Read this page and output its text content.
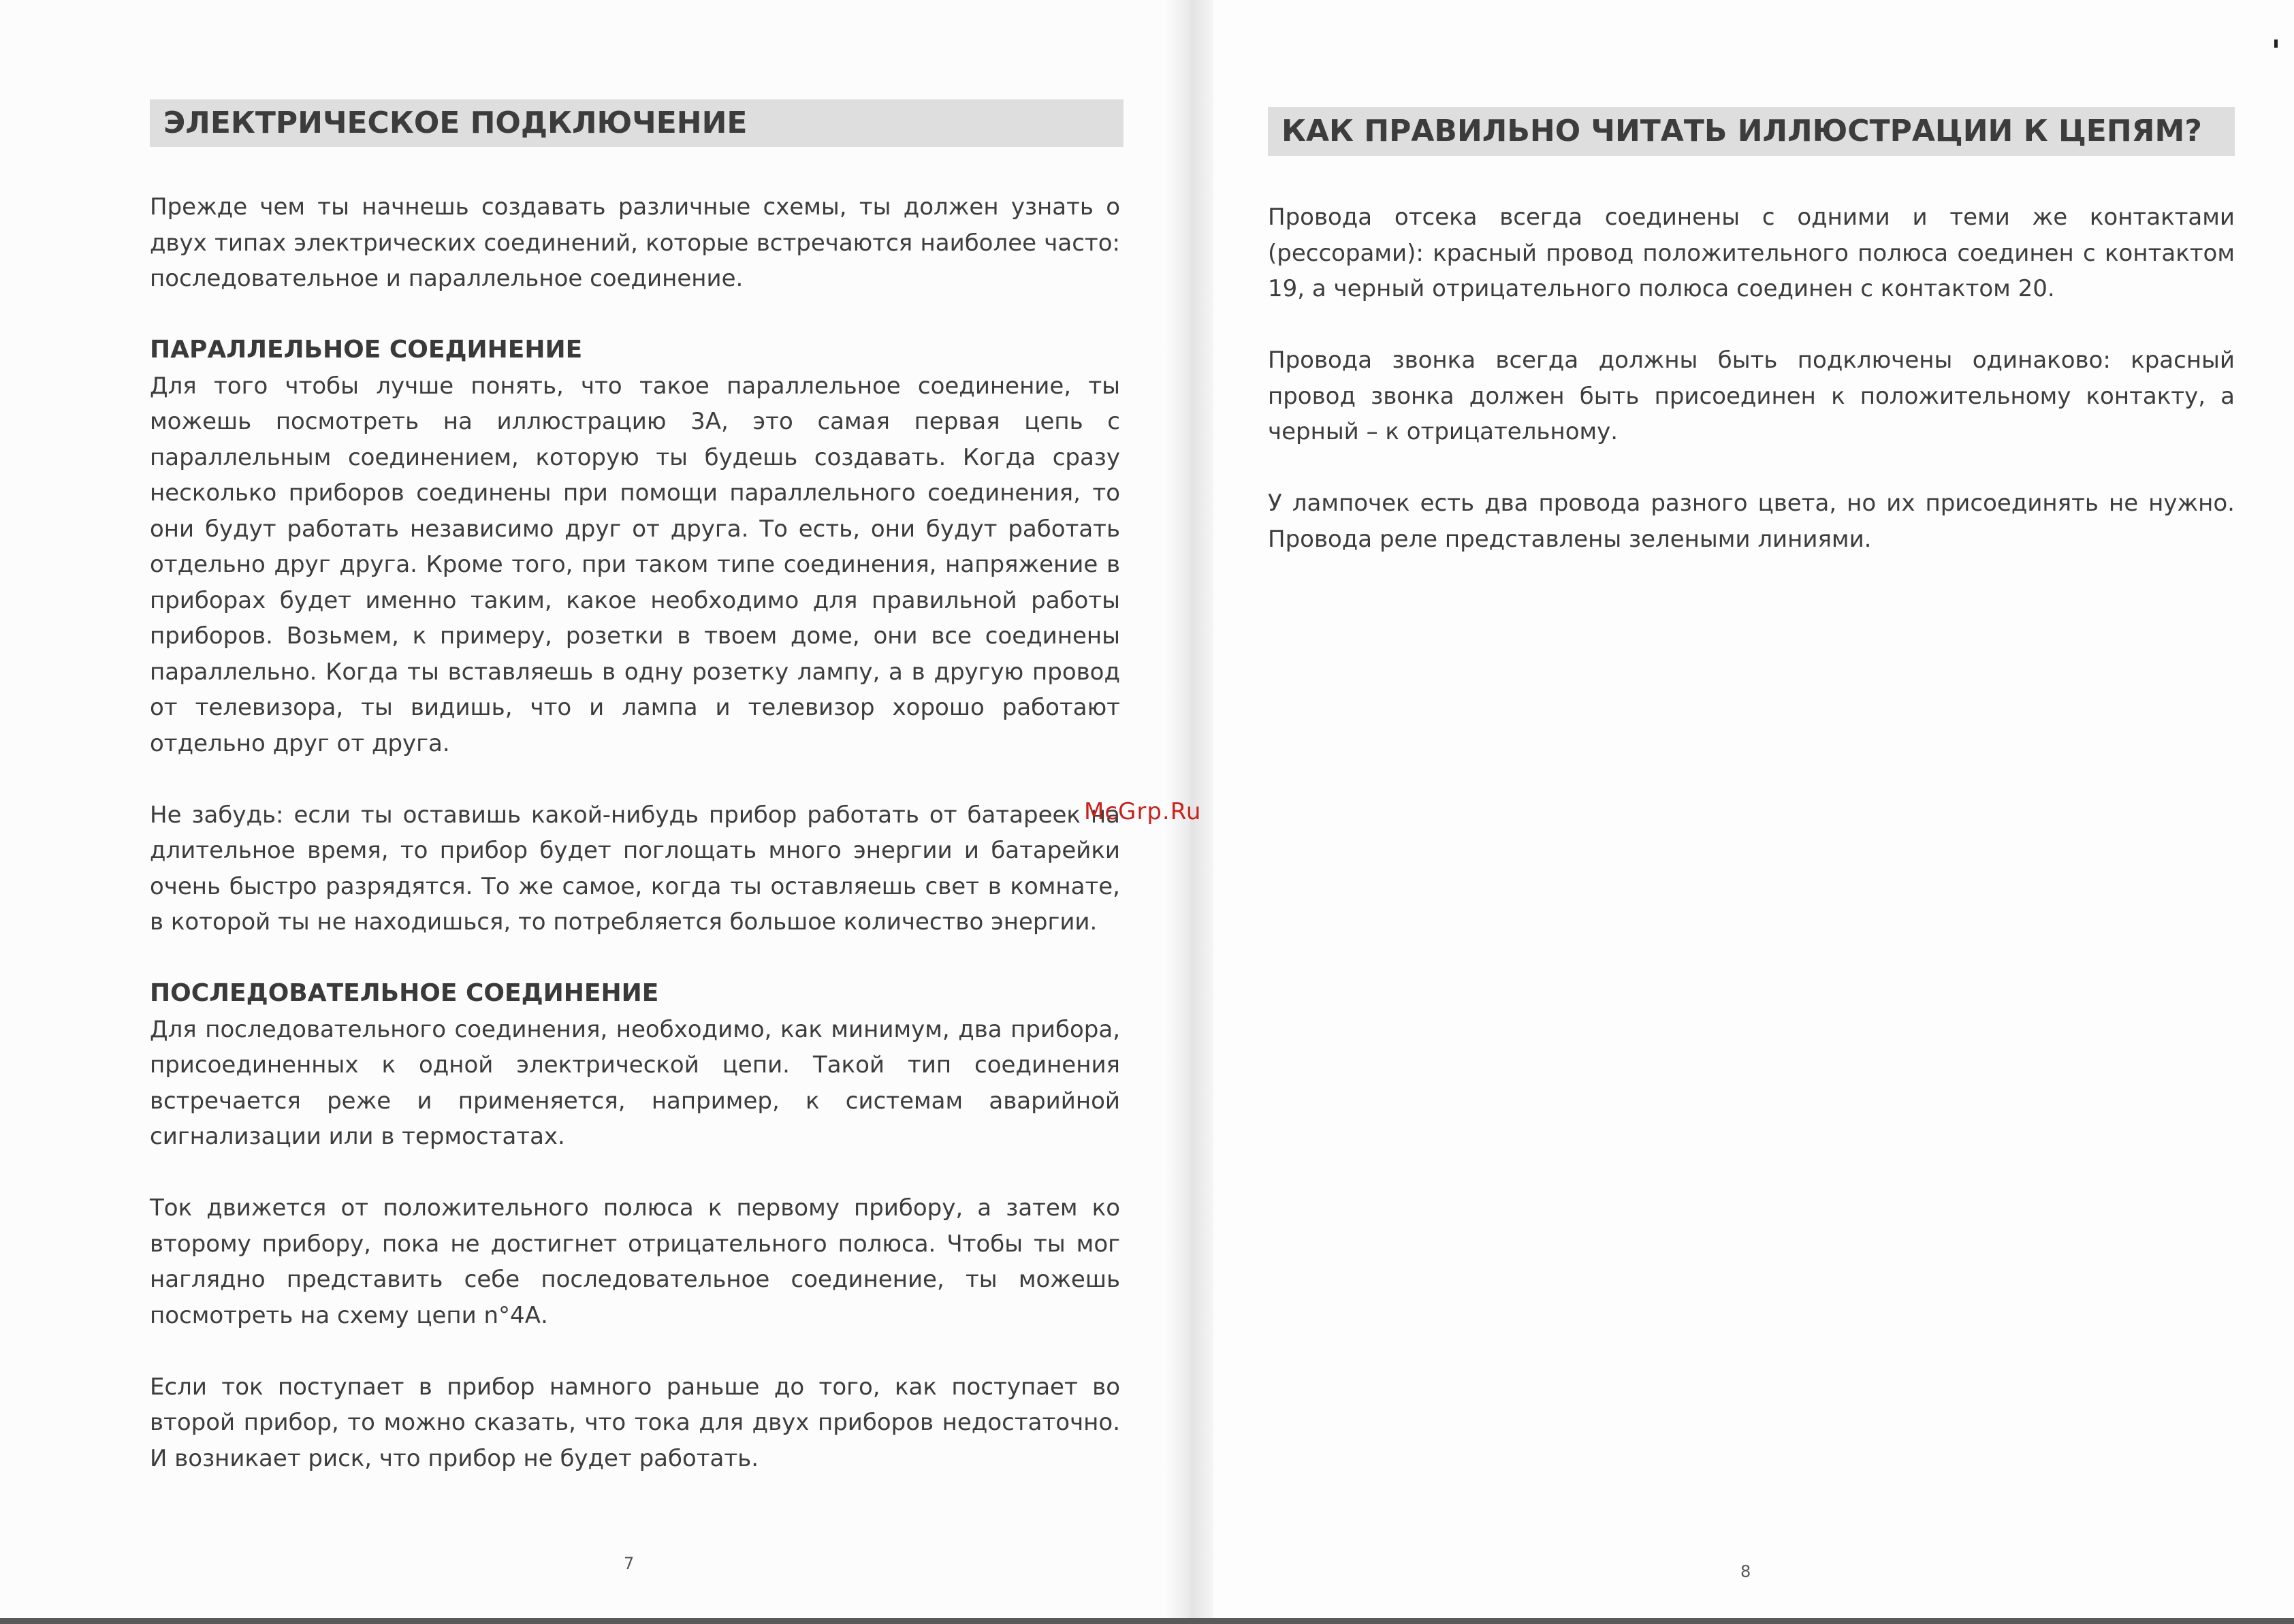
ЭЛЕКТРИЧЕСКОЕ ПОДКЛЮЧЕНИЕ

Прежде чем ты начнешь создавать различные схемы, ты должен узнать о двух типах электрических соединений, которые встречаются наиболее часто: последовательное и параллельное соединение.

ПАРАЛЛЕЛЬНОЕ СОЕДИНЕНИЕ

Для того чтобы лучше понять, что такое параллельное соединение, ты можешь посмотреть на иллюстрацию 3А, это самая первая цепь с параллельным соединением, которую ты будешь создавать. Когда сразу несколько приборов соединены при помощи параллельного соединения, то они будут работать независимо друг от друга. То есть, они будут работать отдельно друг друга. Кроме того, при таком типе соединения, напряжение в приборах будет именно таким, какое необходимо для правильной работы приборов. Возьмем, к примеру, розетки в твоем доме, они все соединены параллельно. Когда ты вставляешь в одну розетку лампу, а в другую провод от телевизора, ты видишь, что и лампа и телевизор хорошо работают отдельно друг от друга.

Не забудь: если ты оставишь какой-нибудь прибор работать от батареек на длительное время, то прибор будет поглощать много энергии и батарейки очень быстро разрядятся. То же самое, когда ты оставляешь свет в комнате, в которой ты не находишься, то потребляется большое количество энергии.

ПОСЛЕДОВАТЕЛЬНОЕ СОЕДИНЕНИЕ

Для последовательного соединения, необходимо, как минимум, два прибора, присоединенных к одной электрической цепи. Такой тип соединения встречается реже и применяется, например, к системам аварийной сигнализации или в термостатах.

Ток движется от положительного полюса к первому прибору, а затем ко второму прибору, пока не достигнет отрицательного полюса. Чтобы ты мог наглядно представить себе последовательное соединение, ты можешь посмотреть на схему цепи n°4А.

Если ток поступает в прибор намного раньше до того, как поступает во второй прибор, то можно сказать, что тока для двух приборов недостаточно. И возникает риск, что прибор не будет работать.

7
McGrp.Ru
КАК ПРАВИЛЬНО ЧИТАТЬ ИЛЛЮСТРАЦИИ К ЦЕПЯМ?

Провода отсека всегда соединены с одними и теми же контактами (рессорами): красный провод положительного полюса соединен с контактом 19, а черный отрицательного полюса соединен с контактом 20.

Провода звонка всегда должны быть подключены одинаково: красный провод звонка должен быть присоединен к положительному контакту, а черный – к отрицательному.

У лампочек есть два провода разного цвета, но их присоединять не нужно. Провода реле представлены зелеными линиями.

8
